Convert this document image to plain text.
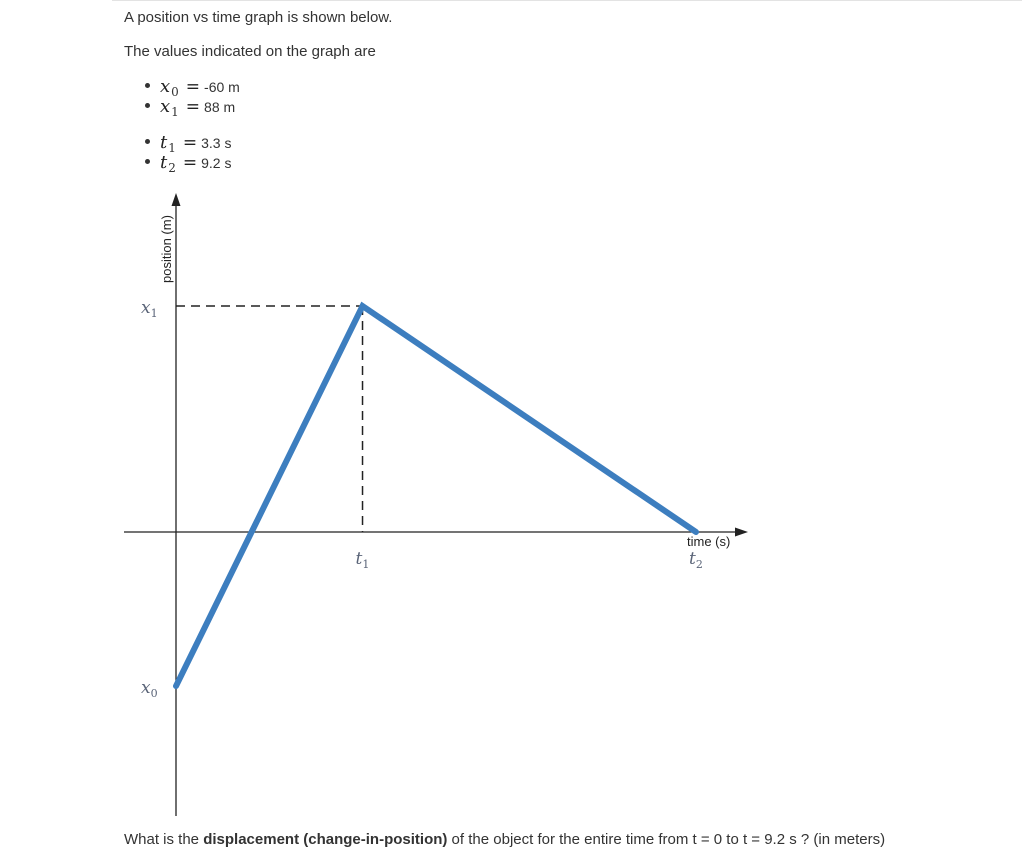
A position vs time graph is shown below.
The values indicated on the graph are
$x_0 = -60$ m
$x_1 = 88$ m
$t_1 = 3.3$ s
$t_2 = 9.2$ s
time (s)
position (m)
$t_1$	$t_2$
$x_1$
$x_0$
What is the displacement (change-in-position) of the object for the entire time from t = 0 to t = 9.2 s ? (in meters)
